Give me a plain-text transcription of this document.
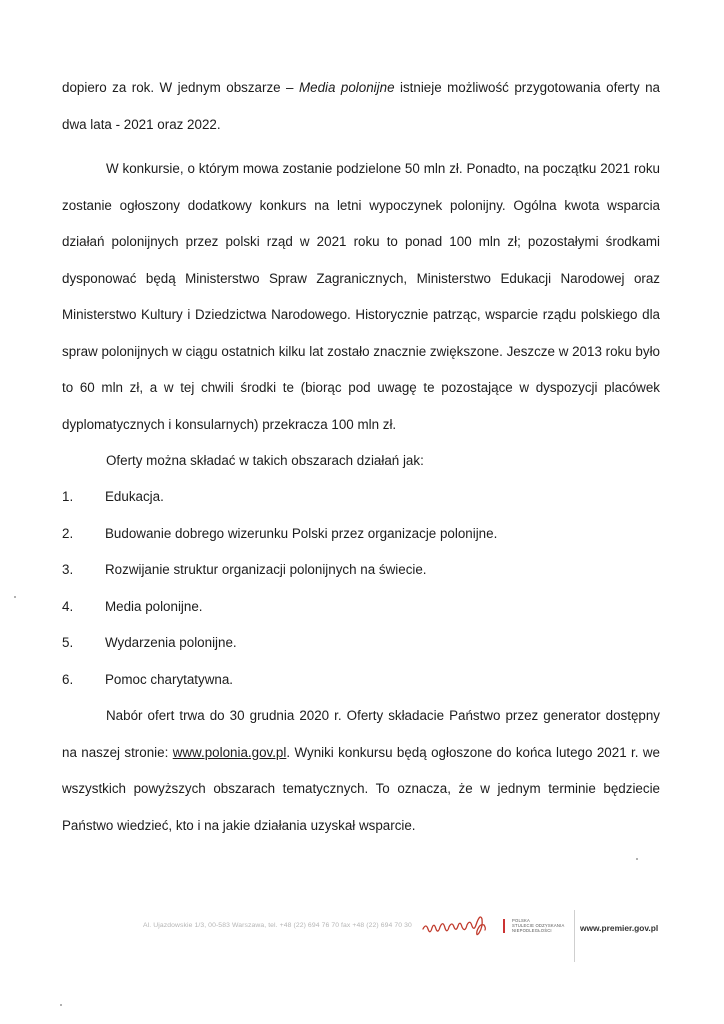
dopiero za rok. W jednym obszarze – Media polonijne istnieje możliwość przygotowania oferty na dwa lata - 2021 oraz 2022.

W konkursie, o którym mowa zostanie podzielone 50 mln zł. Ponadto, na początku 2021 roku zostanie ogłoszony dodatkowy konkurs na letni wypoczynek polonijny. Ogólna kwota wsparcia działań polonijnych przez polski rząd w 2021 roku to ponad 100 mln zł; pozostałymi środkami dysponować będą Ministerstwo Spraw Zagranicznych, Ministerstwo Edukacji Narodowej oraz Ministerstwo Kultury i Dziedzictwa Narodowego. Historycznie patrząc, wsparcie rządu polskiego dla spraw polonijnych w ciągu ostatnich kilku lat zostało znacznie zwiększone. Jeszcze w 2013 roku było to 60 mln zł, a w tej chwili środki te (biorąc pod uwagę te pozostające w dyspozycji placówek dyplomatycznych i konsularnych) przekracza 100 mln zł.

Oferty można składać w takich obszarach działań jak:

1. Edukacja.
2. Budowanie dobrego wizerunku Polski przez organizacje polonijne.
3. Rozwijanie struktur organizacji polonijnych na świecie.
4. Media polonijne.
5. Wydarzenia polonijne.
6. Pomoc charytatywna.

Nabór ofert trwa do 30 grudnia 2020 r. Oferty składacie Państwo przez generator dostępny na naszej stronie: www.polonia.gov.pl. Wyniki konkursu będą ogłoszone do końca lutego 2021 r. we wszystkich powyższych obszarach tematycznych. To oznacza, że w jednym terminie będziecie Państwo wiedzieć, kto i na jakie działania uzyskał wsparcie.

Al. Ujazdowskie 1/3, 00-583 Warszawa, tel. +48 (22) 694 76 70 fax +48 (22) 694 70 30
POLSKA
STULECIE ODZYSKANIA
NIEPODLEGŁOŚCI	www.premier.gov.pl
